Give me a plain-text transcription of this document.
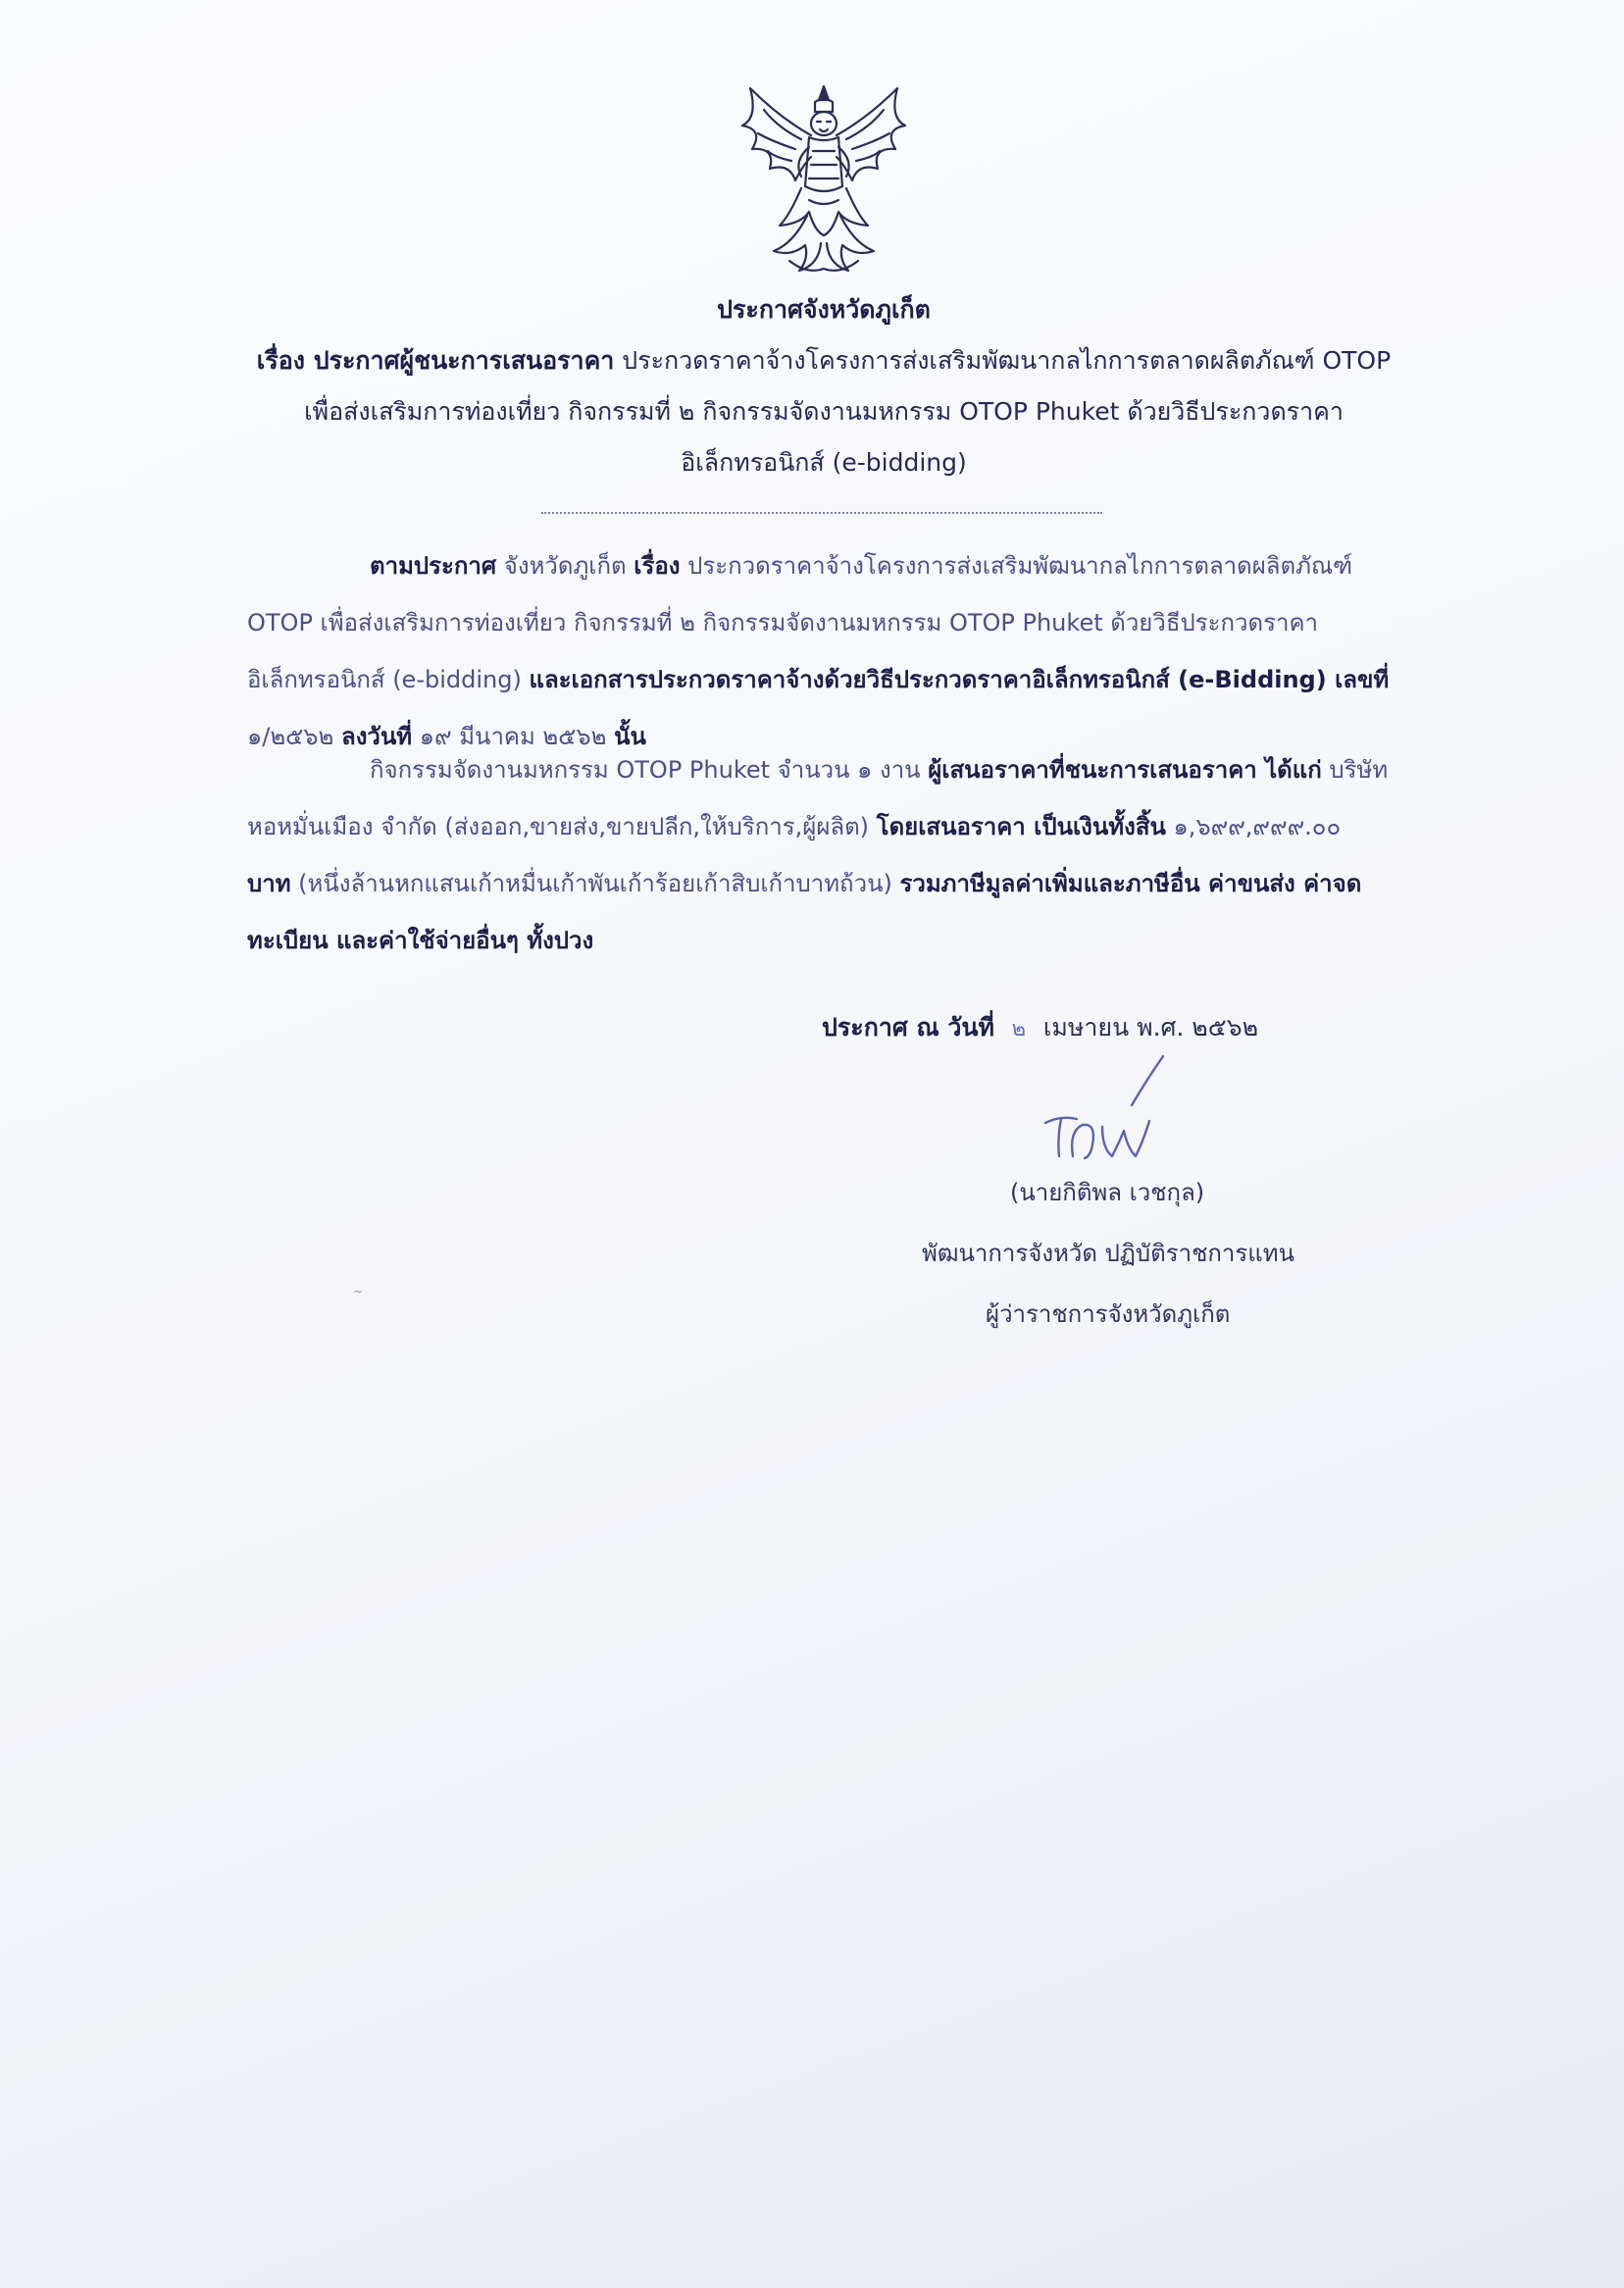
ประกาศจังหวัดภูเก็ต
เรื่อง ประกาศผู้ชนะการเสนอราคา ประกวดราคาจ้างโครงการส่งเสริมพัฒนากลไกการตลาดผลิตภัณฑ์ OTOP
เพื่อส่งเสริมการท่องเที่ยว กิจกรรมที่ ๒ กิจกรรมจัดงานมหกรรม OTOP Phuket ด้วยวิธีประกวดราคา
อิเล็กทรอนิกส์ (e-bidding)
ตามประกาศ จังหวัดภูเก็ต เรื่อง ประกวดราคาจ้างโครงการส่งเสริมพัฒนากลไกการตลาดผลิตภัณฑ์ OTOP เพื่อส่งเสริมการท่องเที่ยว กิจกรรมที่ ๒ กิจกรรมจัดงานมหกรรม OTOP Phuket ด้วยวิธีประกวดราคา อิเล็กทรอนิกส์ (e-bidding) และเอกสารประกวดราคาจ้างด้วยวิธีประกวดราคาอิเล็กทรอนิกส์ (e-Bidding) เลขที่ ๑/๒๕๖๒ ลงวันที่ ๑๙ มีนาคม ๒๕๖๒ นั้น
กิจกรรมจัดงานมหกรรม OTOP Phuket จำนวน ๑ งาน ผู้เสนอราคาที่ชนะการเสนอราคา ได้แก่ บริษัท หอหมั่นเมือง จำกัด (ส่งออก,ขายส่ง,ขายปลีก,ให้บริการ,ผู้ผลิต) โดยเสนอราคา เป็นเงินทั้งสิ้น ๑,๖๙๙,๙๙๙.๐๐ บาท (หนึ่งล้านหกแสนเก้าหมื่นเก้าพันเก้าร้อยเก้าสิบเก้าบาทถ้วน) รวมภาษีมูลค่าเพิ่มและภาษีอื่น ค่าขนส่ง ค่าจดทะเบียน และค่าใช้จ่ายอื่นๆ ทั้งปวง
ประกาศ ณ วันที่ ๒ เมษายน พ.ศ. ๒๕๖๒
(นายกิติพล เวชกุล)
พัฒนาการจังหวัด ปฏิบัติราชการแทน
ผู้ว่าราชการจังหวัดภูเก็ต
~
